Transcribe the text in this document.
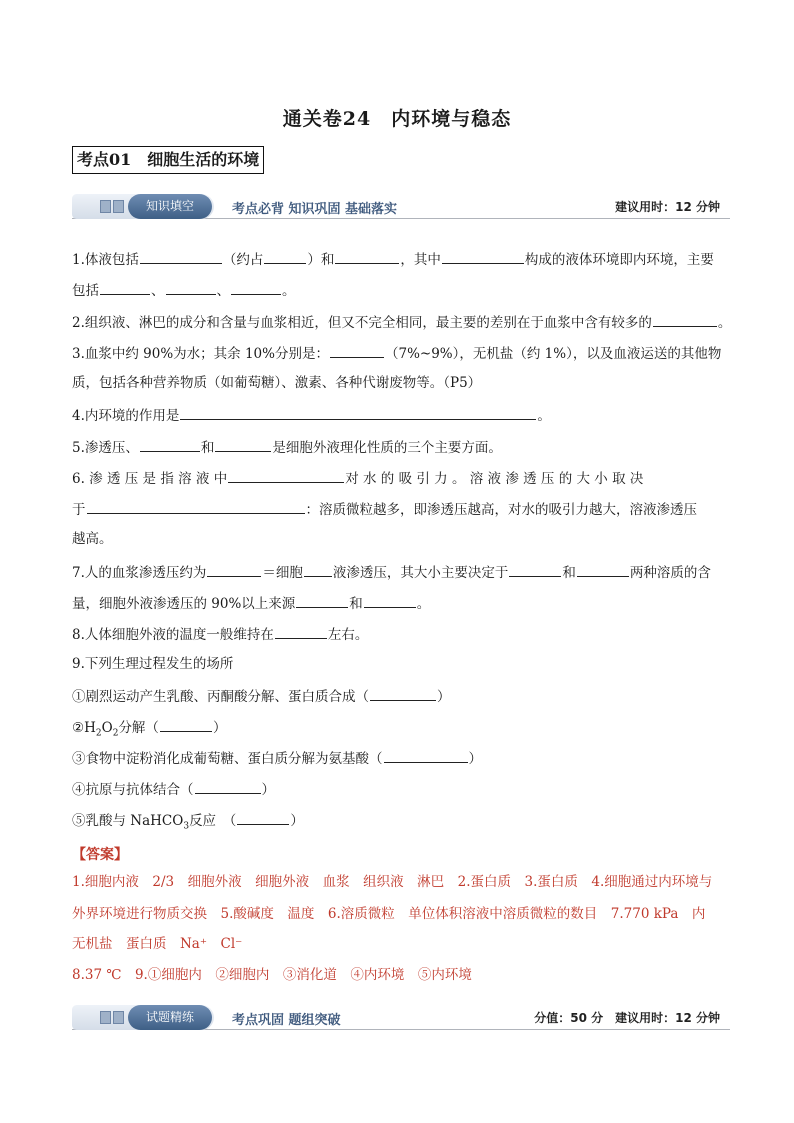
通关卷24　内环境与稳态
考点01　细胞生活的环境
知识填空	考点必背 知识巩固 基础落实	建议用时：12 分钟
1.体液包括	（约占	）和	，其中	构成的液体环境即内环境，主要
包括	、	、	。
2.组织液、淋巴的成分和含量与血浆相近，但又不完全相同，最主要的差别在于血浆中含有较多的	。
3.血浆中约 90%为水；其余 10%分别是：	（7%~9%），无机盐（约 1%），以及血液运送的其他物
质，包括各种营养物质（如葡萄糖）、激素、各种代谢废物等。（P5）
4.内环境的作用是	。
5.渗透压、	和	是细胞外液理化性质的三个主要方面。
6. 渗 透 压 是 指 溶 液 中	对 水 的 吸 引 力 。 溶 液 渗 透 压 的 大 小 取 决
于	：溶质微粒越多，即渗透压越高，对水的吸引力越大，溶液渗透压
越高。
7.人的血浆渗透压约为	＝细胞 液渗透压，其大小主要决定于	和	两种溶质的含
量，细胞外液渗透压的 90%以上来源	和	。
8.人体细胞外液的温度一般维持在	左右。
9.下列生理过程发生的场所
①剧烈运动产生乳酸、丙酮酸分解、蛋白质合成（	）
$②H_2O_2$分解（	）
③食物中淀粉消化成葡萄糖、蛋白质分解为氨基酸（	）
④抗原与抗体结合（	）
⑤乳酸与 NaHCO$_3$反应　（	）
【答案】
1.细胞内液　2/3　细胞外液　细胞外液　血浆　组织液　淋巴　2.蛋白质　3.蛋白质　4.细胞通过内环境与
外界环境进行物质交换　5.酸碱度　温度　6.溶质微粒　单位体积溶液中溶质微粒的数目　7.770 kPa　内
无机盐　蛋白质　Na⁺　Cl⁻
8.37 ℃　9.①细胞内　②细胞内　③消化道　④内环境　⑤内环境
试题精练	考点巩固 题组突破	分值：50 分　建议用时：12 分钟
